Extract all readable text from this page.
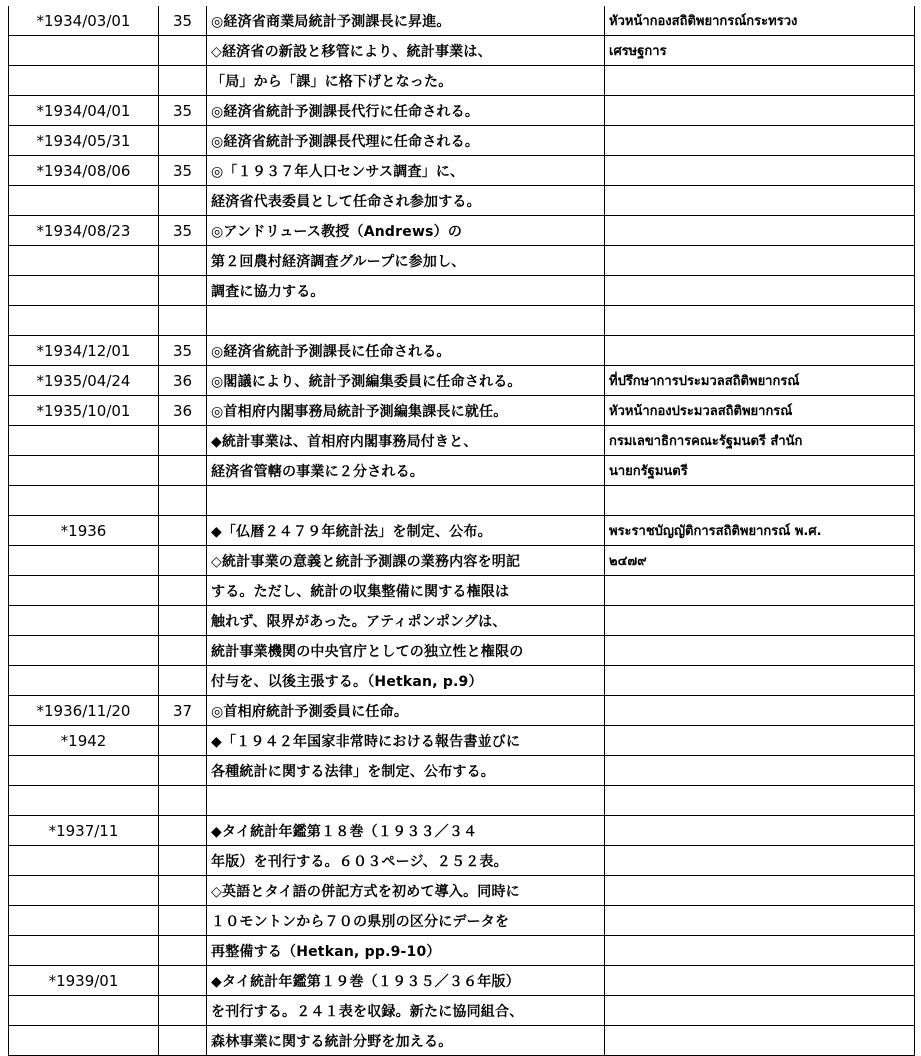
*1934/03/01	35	◎経済省商業局統計予測課長に昇進。	หัวหน้ากองสถิติพยากรณ์กระทรวง
		◇経済省の新設と移管により、統計事業は、	เศรษฐการ
		「局」から「課」に格下げとなった。	
*1934/04/01	35	◎経済省統計予測課長代行に任命される。	
*1934/05/31		◎経済省統計予測課長代理に任命される。	
*1934/08/06	35	◎「１９３７年人口センサス調査」に、	
		経済省代表委員として任命され参加する。	
*1934/08/23	35	◎アンドリュース教授（Andrews）の	
		第２回農村経済調査グループに参加し、	
		調査に協力する。	

*1934/12/01	35	◎経済省統計予測課長に任命される。	
*1935/04/24	36	◎閣議により、統計予測編集委員に任命される。	ที่ปรึกษาการประมวลสถิติพยากรณ์
*1935/10/01	36	◎首相府内閣事務局統計予測編集課長に就任。	หัวหน้ากองประมวลสถิติพยากรณ์
		◆統計事業は、首相府内閣事務局付きと、	กรมเลขาธิการคณะรัฐมนตรี สำนัก
		経済省管轄の事業に２分される。	นายกรัฐมนตรี

*1936		◆「仏暦２４７９年統計法」を制定、公布。	พระราชบัญญัติการสถิติพยากรณ์ พ.ศ.
		◇統計事業の意義と統計予測課の業務内容を明記	๒๔๗๙
		する。ただし、統計の収集整備に関する権限は	
		触れず、限界があった。アティポンポングは、	
		統計事業機関の中央官庁としての独立性と権限の	
		付与を、以後主張する。（Hetkan, p.9）	
*1936/11/20	37	◎首相府統計予測委員に任命。	
*1942		◆「１９４２年国家非常時における報告書並びに	
		各種統計に関する法律」を制定、公布する。	

*1937/11		◆タイ統計年鑑第１８巻（１９３３／３４	
		年版）を刊行する。６０３ページ、２５２表。	
		◇英語とタイ語の併記方式を初めて導入。同時に	
		１０モントンから７０の県別の区分にデータを	
		再整備する（Hetkan, pp.9-10）	
*1939/01		◆タイ統計年鑑第１９巻（１９３５／３６年版）	
		を刊行する。２４１表を収録。新たに協同組合、	
		森林事業に関する統計分野を加える。	
